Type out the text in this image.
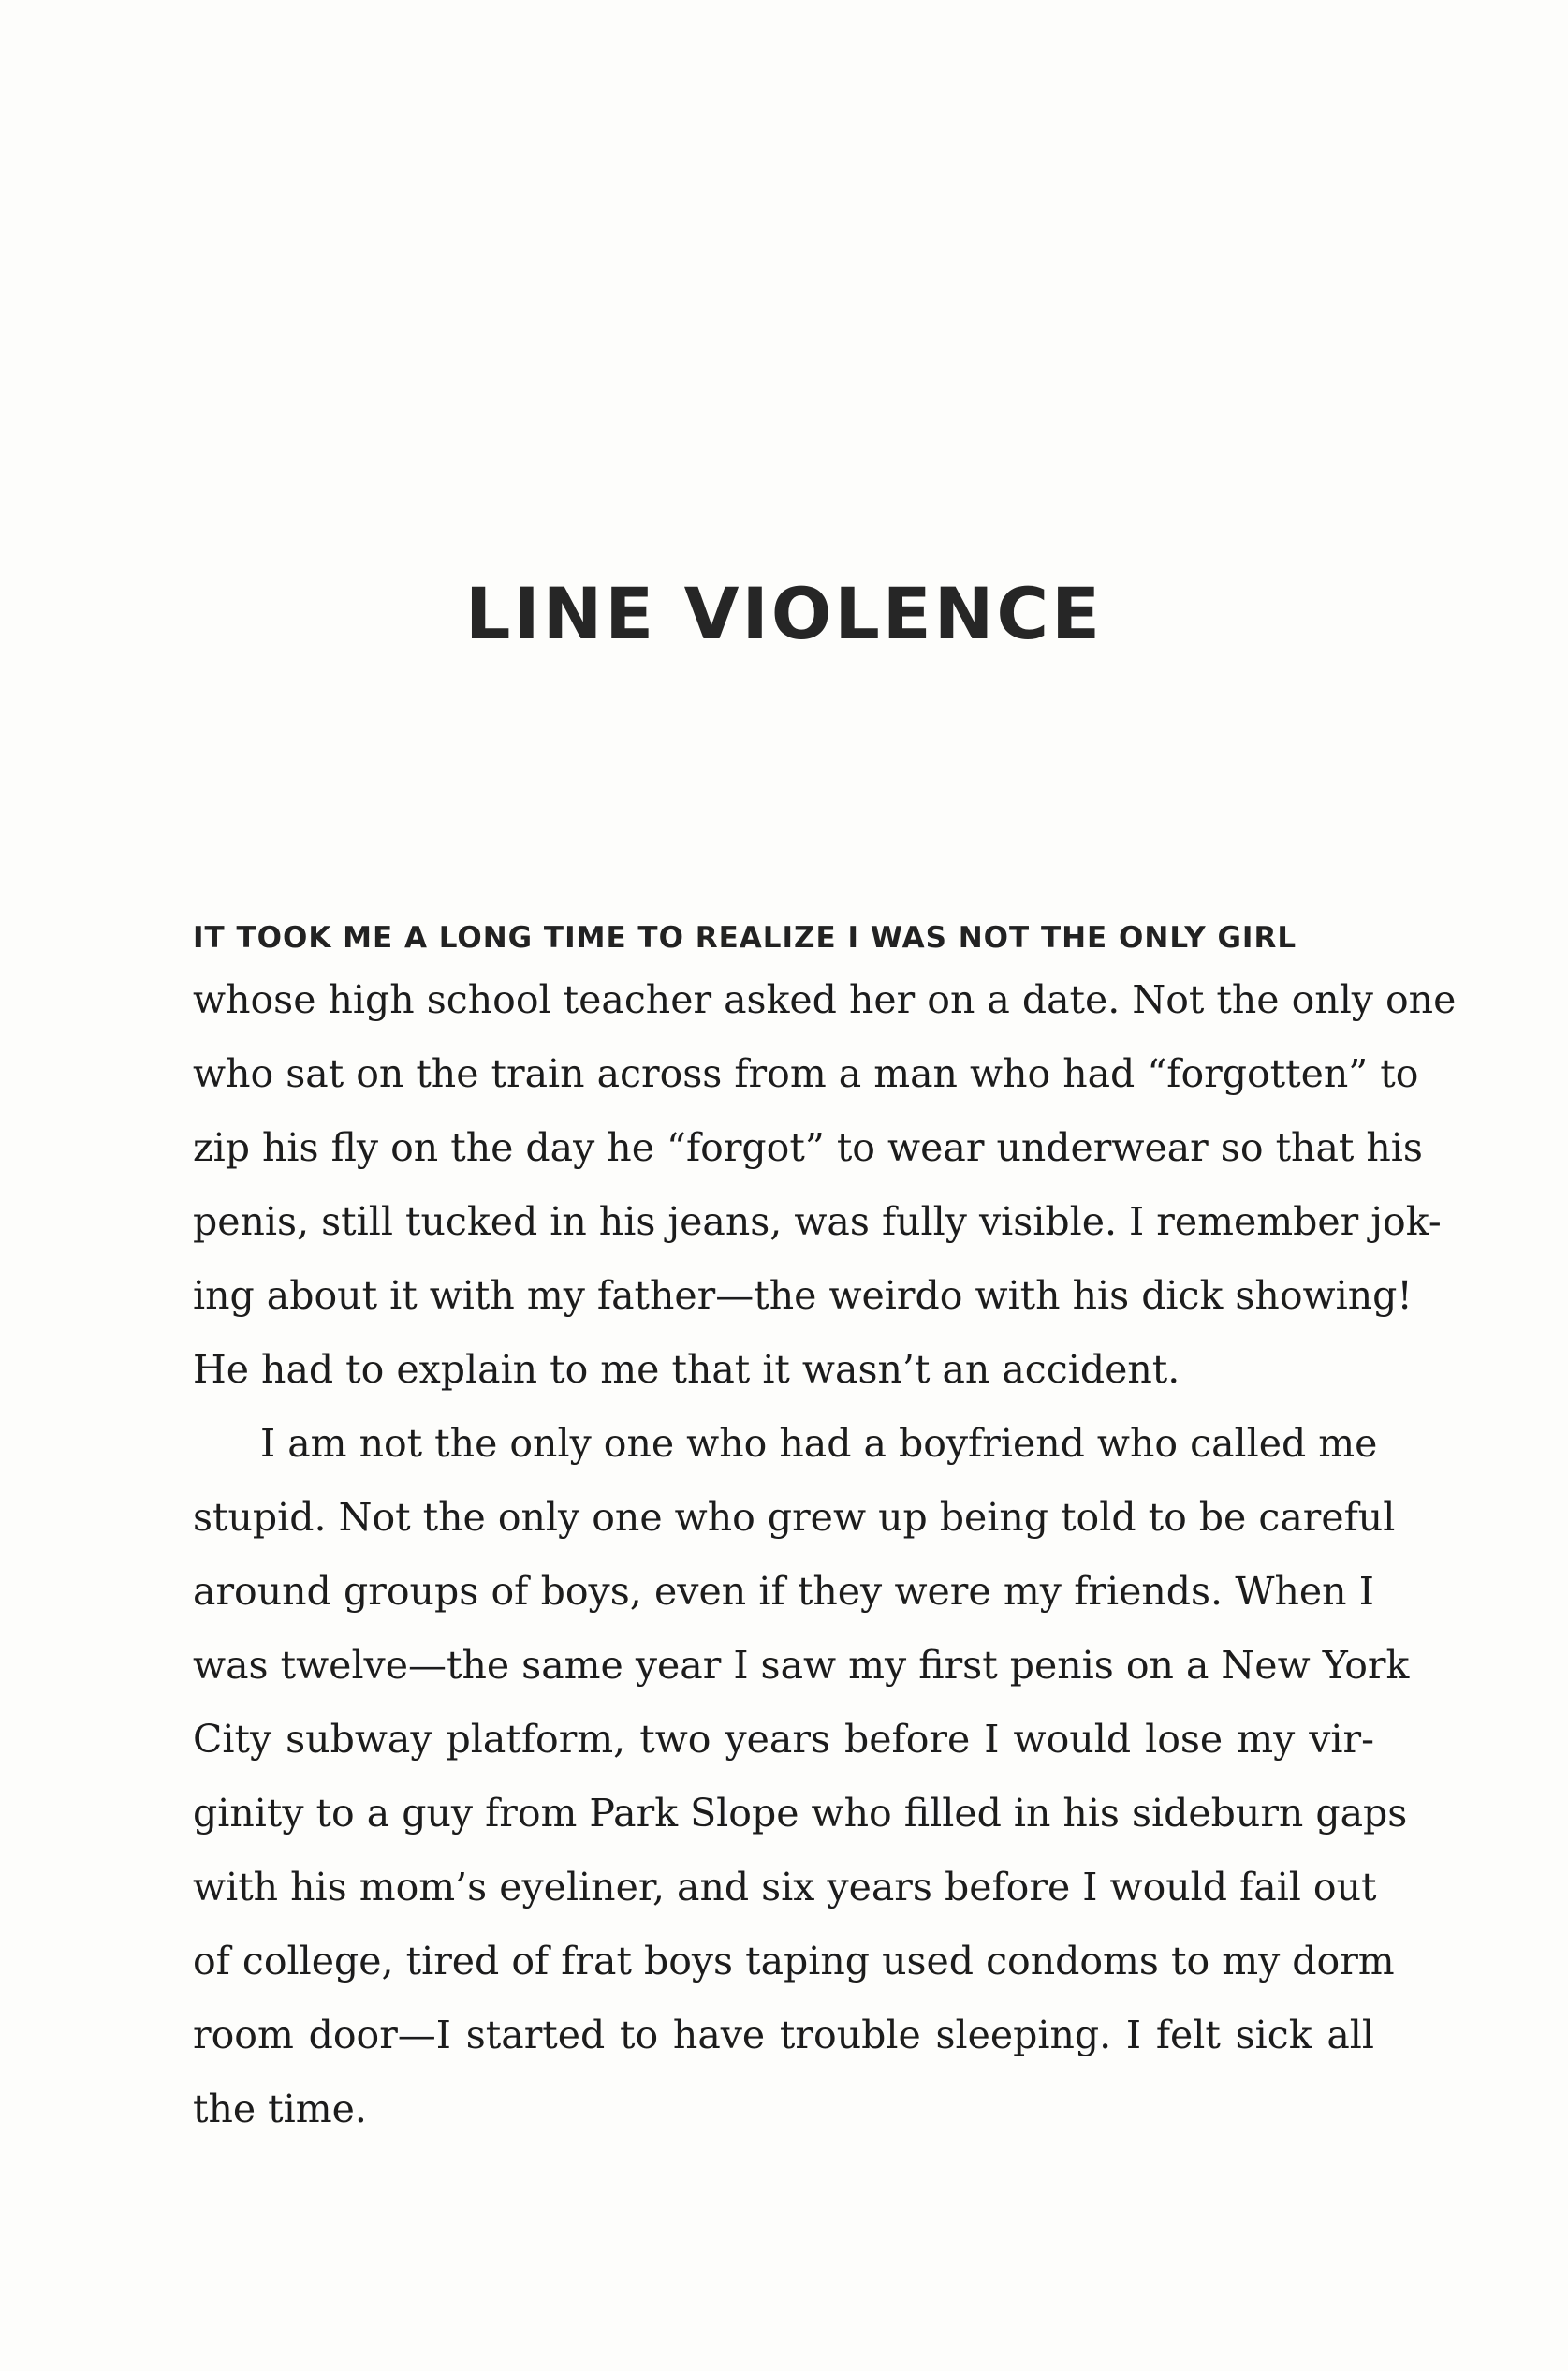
LINE VIOLENCE
IT TOOK ME A LONG TIME TO REALIZE I WAS NOT THE ONLY GIRL
whose high school teacher asked her on a date. Not the only one
who sat on the train across from a man who had “forgotten” to
zip his fly on the day he “forgot” to wear underwear so that his
penis, still tucked in his jeans, was fully visible. I remember jok-
ing about it with my father—the weirdo with his dick showing!
He had to explain to me that it wasn’t an accident.
I am not the only one who had a boyfriend who called me
stupid. Not the only one who grew up being told to be careful
around groups of boys, even if they were my friends. When I
was twelve—the same year I saw my first penis on a New York
City subway platform, two years before I would lose my vir-
ginity to a guy from Park Slope who filled in his sideburn gaps
with his mom’s eyeliner, and six years before I would fail out
of college, tired of frat boys taping used condoms to my dorm
room door—I started to have trouble sleeping. I felt sick all
the time.
